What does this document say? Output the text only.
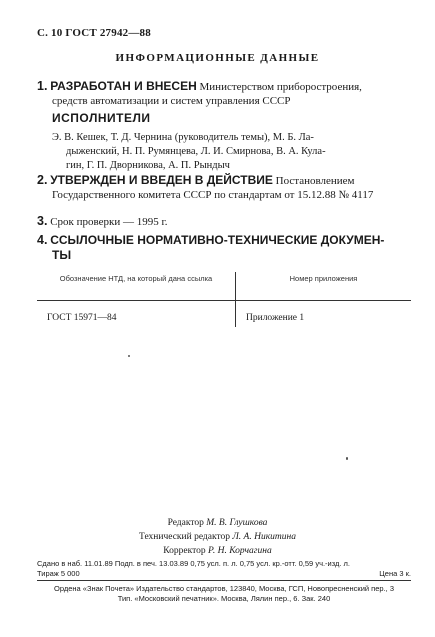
С. 10 ГОСТ 27942—88
ИНФОРМАЦИОННЫЕ ДАННЫЕ
1. РАЗРАБОТАН И ВНЕСЕН Министерством приборостроения,
средств автоматизации и систем управления СССР
ИСПОЛНИТЕЛИ
Э. В. Кешек, Т. Д. Чернина (руководитель темы), М. Б. Ла-
дыженский, Н. П. Румянцева, Л. И. Смирнова, В. А. Кула-
гин, Г. П. Дворникова, А. П. Рындыч
2. УТВЕРЖДЕН И ВВЕДЕН В ДЕЙСТВИЕ Постановлением
Государственного комитета СССР по стандартам от 15.12.88 № 4117
3. Срок проверки — 1995 г.
4. ССЫЛОЧНЫЕ НОРМАТИВНО-ТЕХНИЧЕСКИЕ ДОКУМЕН-
ТЫ
Обозначение НТД, на который дана ссылка	Номер приложения
ГОСТ 15971—84	Приложение 1
Редактор М. В. Глушкова
Технический редактор Л. А. Никитина
Корректор Р. Н. Корчагина
Сдано в наб. 11.01.89 Подп. в печ. 13.03.89 0,75 усл. п. л. 0,75 усл. кр.-отт. 0,59 уч.-изд. л.
Тираж 5 000	Цена 3 к.
Ордена «Знак Почета» Издательство стандартов, 123840, Москва, ГСП, Новопресненский пер., 3
Тип. «Московский печатник». Москва, Лялин пер., 6. Зак. 240
